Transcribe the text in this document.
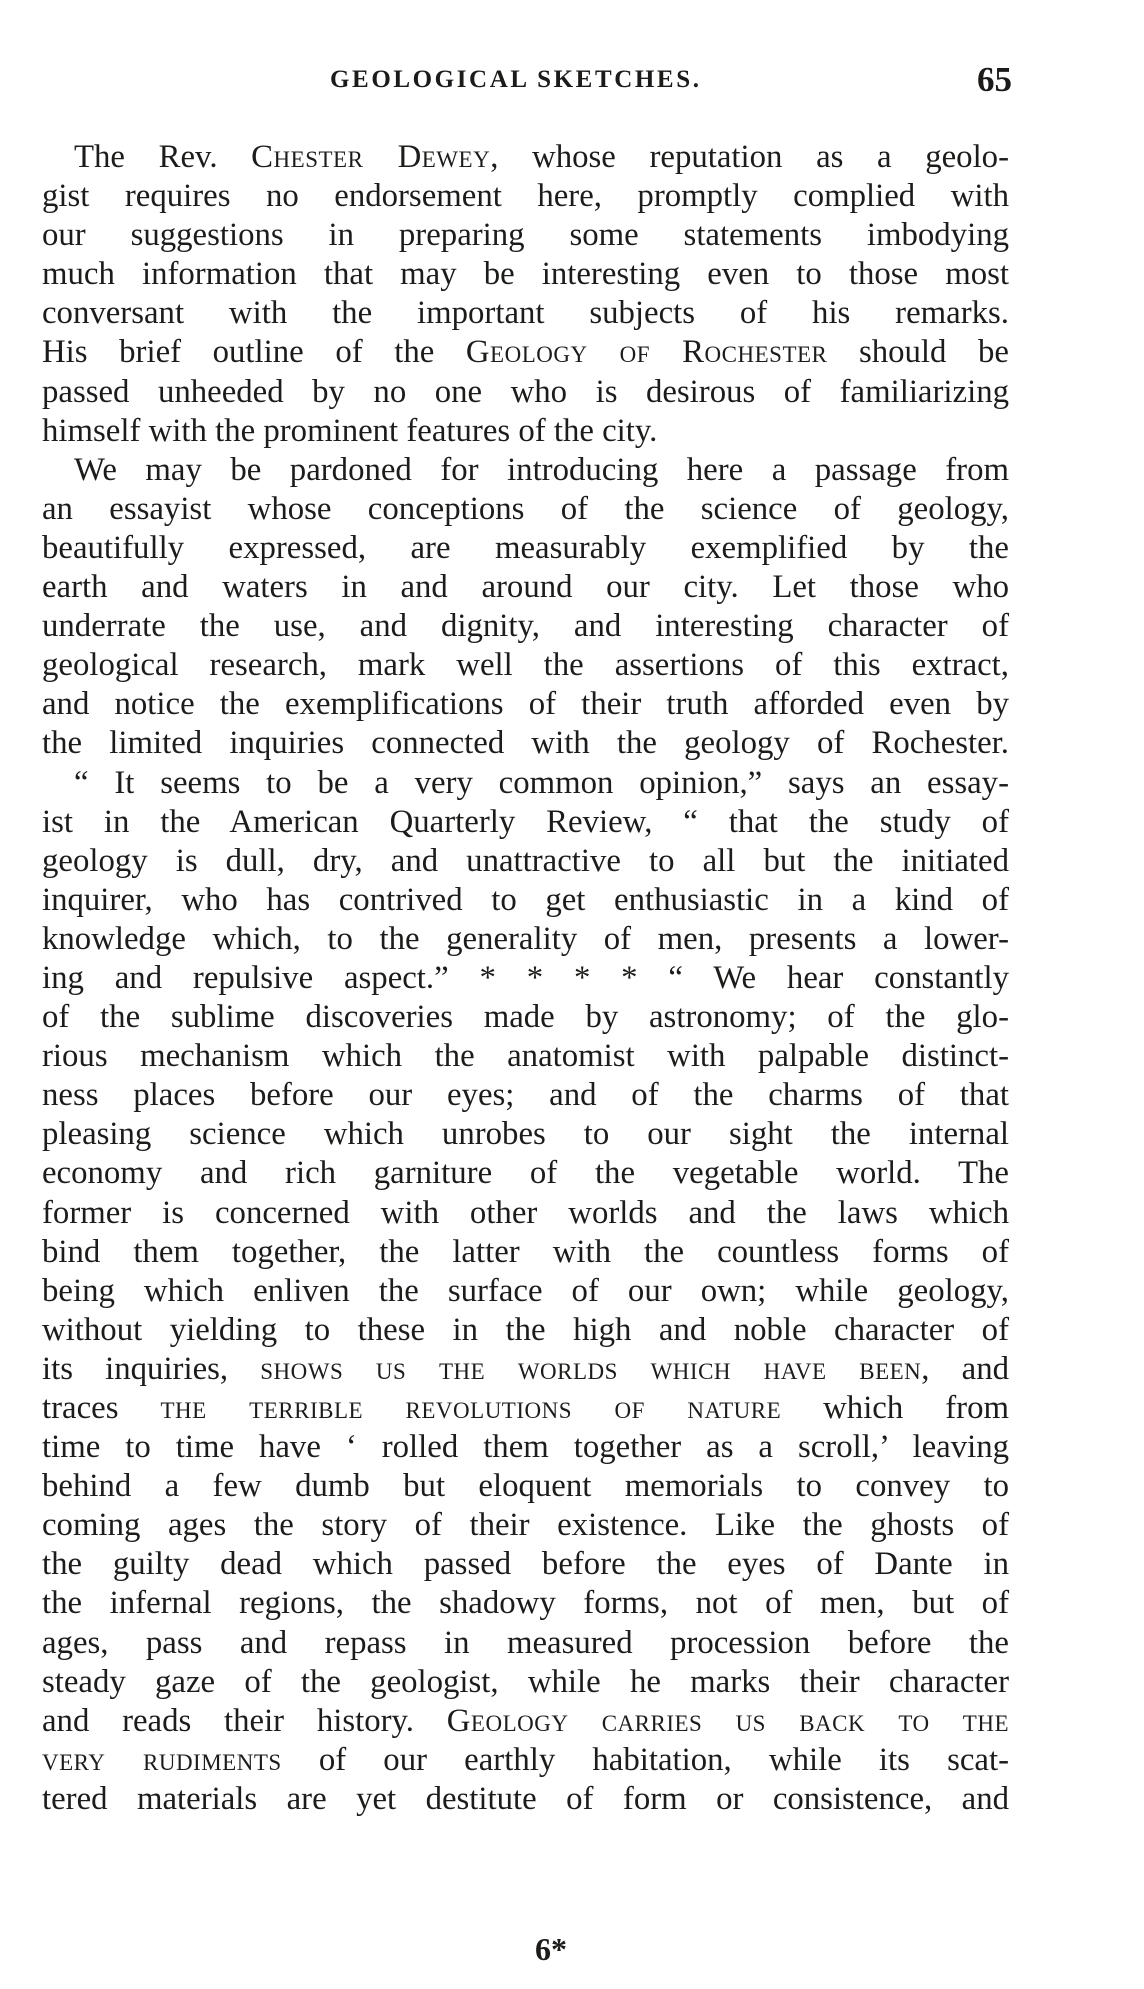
GEOLOGICAL SKETCHES.	65
The Rev. Chester Dewey, whose reputation as a geolo-
gist requires no endorsement here, promptly complied with
our suggestions in preparing some statements imbodying
much information that may be interesting even to those most
conversant with the important subjects of his remarks.
His brief outline of the Geology of Rochester should be
passed unheeded by no one who is desirous of familiarizing
himself with the prominent features of the city.
We may be pardoned for introducing here a passage from
an essayist whose conceptions of the science of geology,
beautifully expressed, are measurably exemplified by the
earth and waters in and around our city. Let those who
underrate the use, and dignity, and interesting character of
geological research, mark well the assertions of this extract,
and notice the exemplifications of their truth afforded even by
the limited inquiries connected with the geology of Rochester.
“ It seems to be a very common opinion,” says an essay-
ist in the American Quarterly Review, “ that the study of
geology is dull, dry, and unattractive to all but the initiated
inquirer, who has contrived to get enthusiastic in a kind of
knowledge which, to the generality of men, presents a lower-
ing and repulsive aspect.” * * * * “ We hear constantly
of the sublime discoveries made by astronomy; of the glo-
rious mechanism which the anatomist with palpable distinct-
ness places before our eyes; and of the charms of that
pleasing science which unrobes to our sight the internal
economy and rich garniture of the vegetable world. The
former is concerned with other worlds and the laws which
bind them together, the latter with the countless forms of
being which enliven the surface of our own; while geology,
without yielding to these in the high and noble character of
its inquiries, shows us the worlds which have been, and
traces the terrible revolutions of nature which from
time to time have ‘ rolled them together as a scroll,’ leaving
behind a few dumb but eloquent memorials to convey to
coming ages the story of their existence. Like the ghosts of
the guilty dead which passed before the eyes of Dante in
the infernal regions, the shadowy forms, not of men, but of
ages, pass and repass in measured procession before the
steady gaze of the geologist, while he marks their character
and reads their history. Geology carries us back to the
very rudiments of our earthly habitation, while its scat-
tered materials are yet destitute of form or consistence, and
6*
